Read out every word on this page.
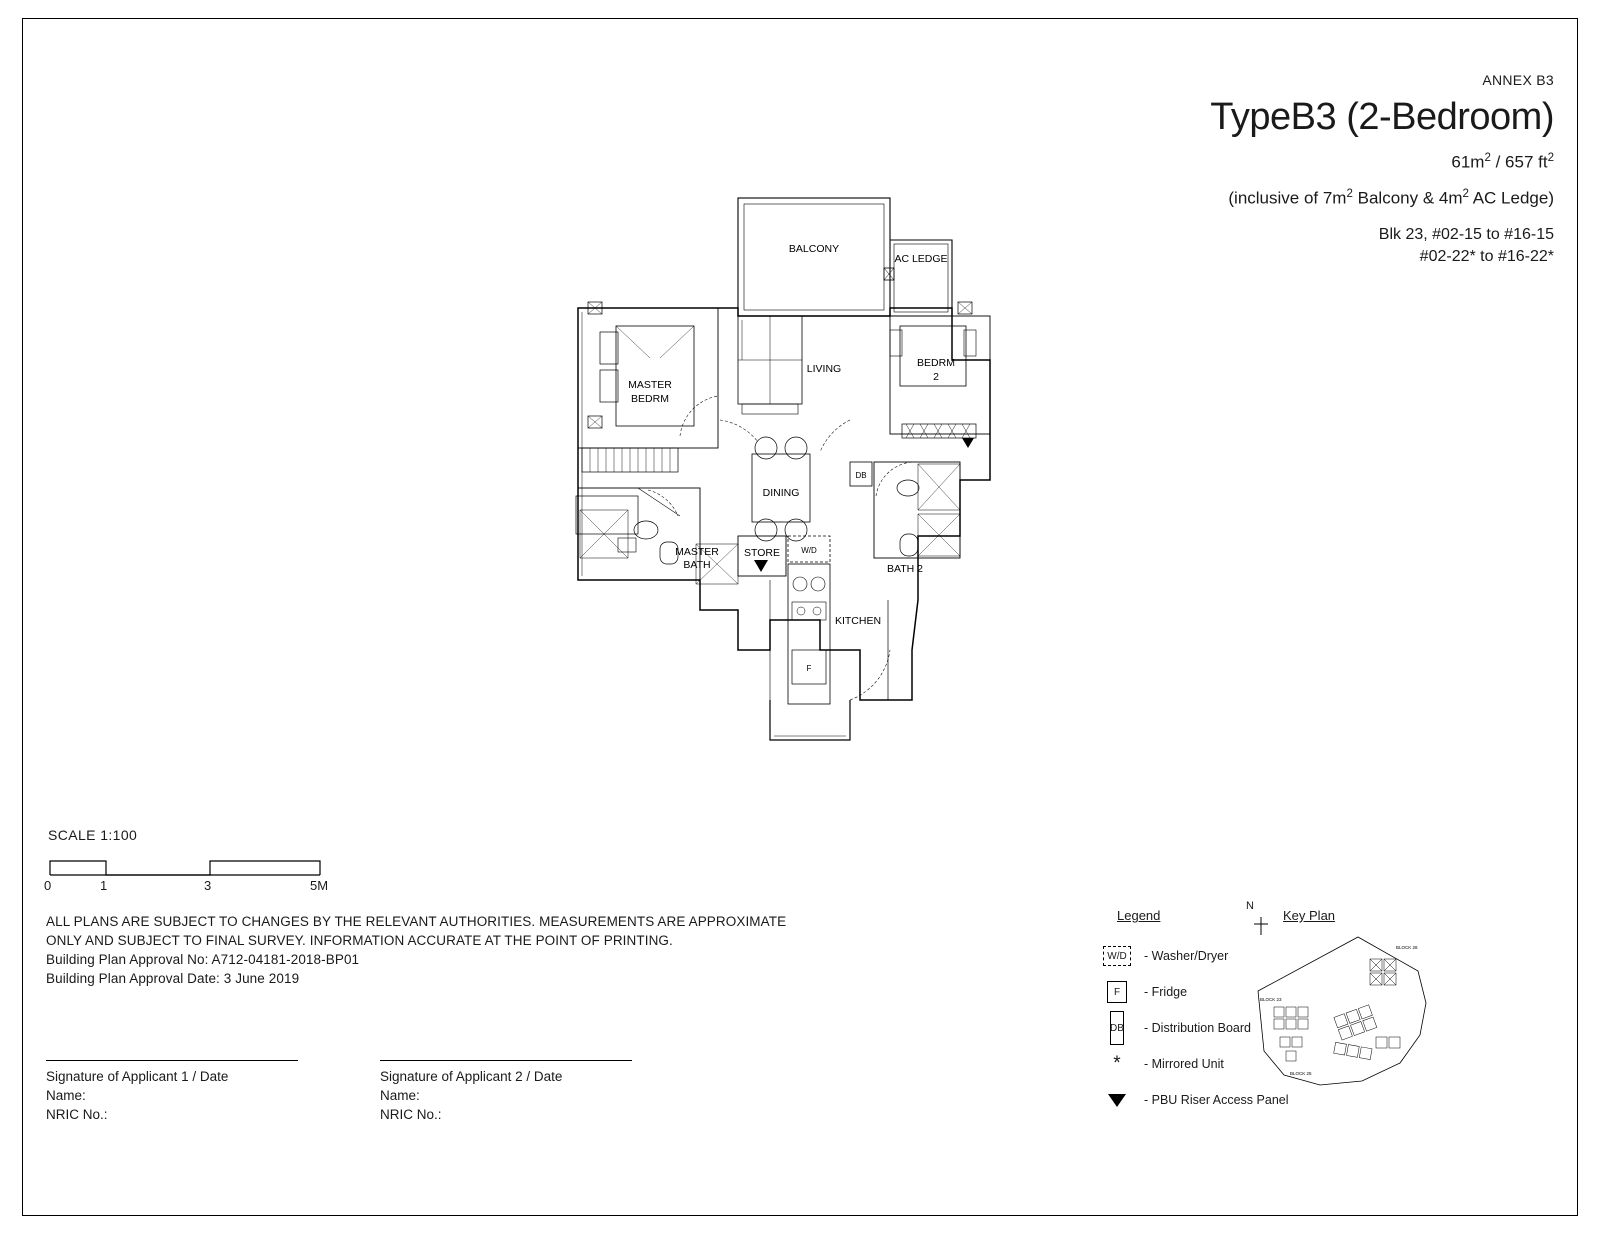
ANNEX B3
TypeB3 (2-Bedroom)
$61m^2 / 657$ $ft^2$
(inclusive of $7m^2$ Balcony & $4m^2$ AC Ledge)
Blk 23, #02-15 to #16-15
#02-22* to #16-22*
BALCONY
AC LEDGE
LIVING
MASTER
BEDRM
BEDRM
2
DINING
MASTER
BATH
STORE
KITCHEN
BATH 2
W/D
F
DB
SCALE 1:100
0	1	3	5M
ALL PLANS ARE SUBJECT TO CHANGES BY THE RELEVANT AUTHORITIES. MEASUREMENTS ARE APPROXIMATE
ONLY AND SUBJECT TO FINAL SURVEY. INFORMATION ACCURATE AT THE POINT OF PRINTING.
Building Plan Approval No: A712-04181-2018-BP01
Building Plan Approval Date: 3 June 2019
Signature of Applicant 1 / Date
Name:
NRIC No.:
Signature of Applicant 2 / Date
Name:
NRIC No.:
Legend
W/D	- Washer/Dryer
F	- Fridge
DB - Distribution Board
* - Mirrored Unit
- PBU Riser Access Panel
N
Key Plan
BLOCK 28
BLOCK 23
BLOCK 25
